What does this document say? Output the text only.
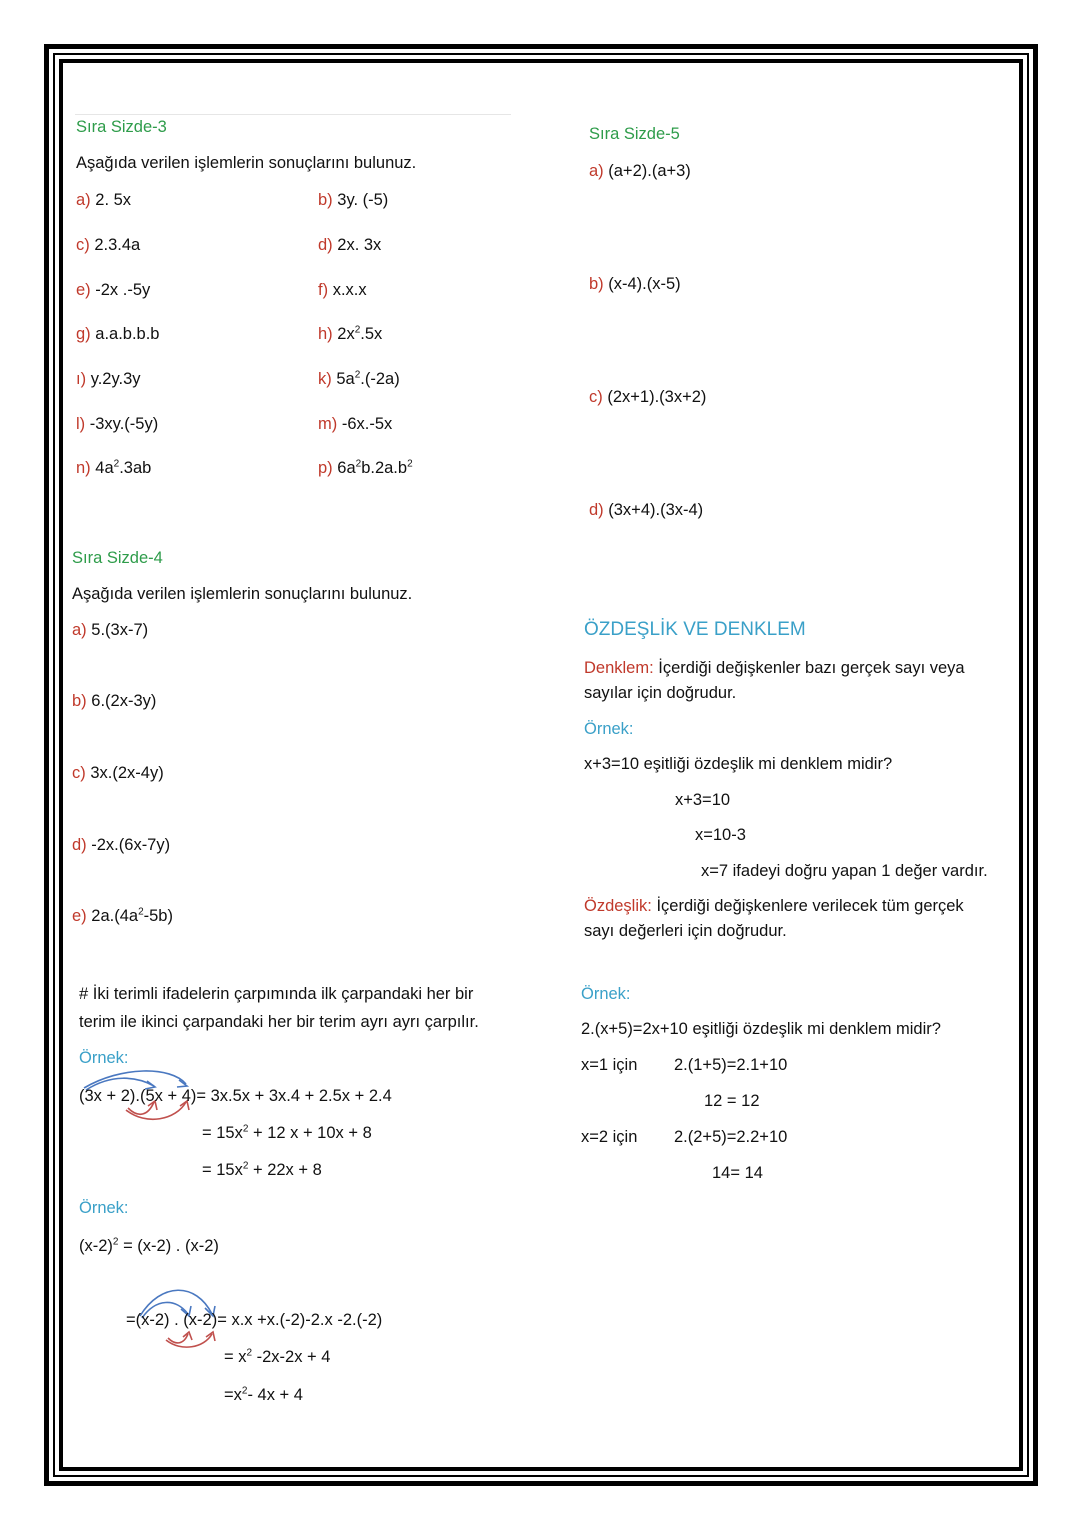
Sıra Sizde-3
Aşağıda verilen işlemlerin sonuçlarını bulunuz.
a) 2. 5x	b) 3y. (-5)
c) 2.3.4a	d) 2x. 3x
e) -2x .-5y	f) x.x.x
g) a.a.b.b.b	h) $2x^2.5x$
ı) y.2y.3y	k) $5a^2.(-2a)$
l) -3xy.(-5y)	m) -6x.-5x
n) $4a^2.3ab$	p) $6a^2b.2a.b^2$
Sıra Sizde-4
Aşağıda verilen işlemlerin sonuçlarını bulunuz.
a) 5.(3x-7)
b) 6.(2x-3y)
c) 3x.(2x-4y)
d) -2x.(6x-7y)
e) $2a.(4a^2-5b)$
# İki terimli ifadelerin çarpımında ilk çarpandaki her bir
terim ile ikinci çarpandaki her bir terim ayrı ayrı çarpılır.
Örnek:
(3x + 2).(5x + 4)= 3x.5x + 3x.4 + 2.5x + 2.4
= $15x^2 + 12$ x + 10x + 8
= $15x^2 + 22x + 8$
Örnek:
$(x-2)^2 = (x-2)$ . (x-2)
=(x-2) . (x-2)= x.x +x.(-2)-2.x -2.(-2)
= $x^2$ -2x-2x + 4
$=x^2-$ 4x + 4
Sıra Sizde-5
a) (a+2).(a+3)
b) (x-4).(x-5)
c) (2x+1).(3x+2)
d) (3x+4).(3x-4)
ÖZDEŞLİK VE DENKLEM
Denklem: İçerdiği değişkenler bazı gerçek sayı veya
sayılar için doğrudur.
Örnek:
x+3=10 eşitliği özdeşlik mi denklem midir?
x+3=10
x=10-3
x=7 ifadeyi doğru yapan 1 değer vardır.
Özdeşlik: İçerdiği değişkenlere verilecek tüm gerçek
sayı değerleri için doğrudur.
Örnek:
2.(x+5)=2x+10 eşitliği özdeşlik mi denklem midir?
x=1 için 2.(1+5)=2.1+10
12 = 12
x=2 için 2.(2+5)=2.2+10
14= 14
